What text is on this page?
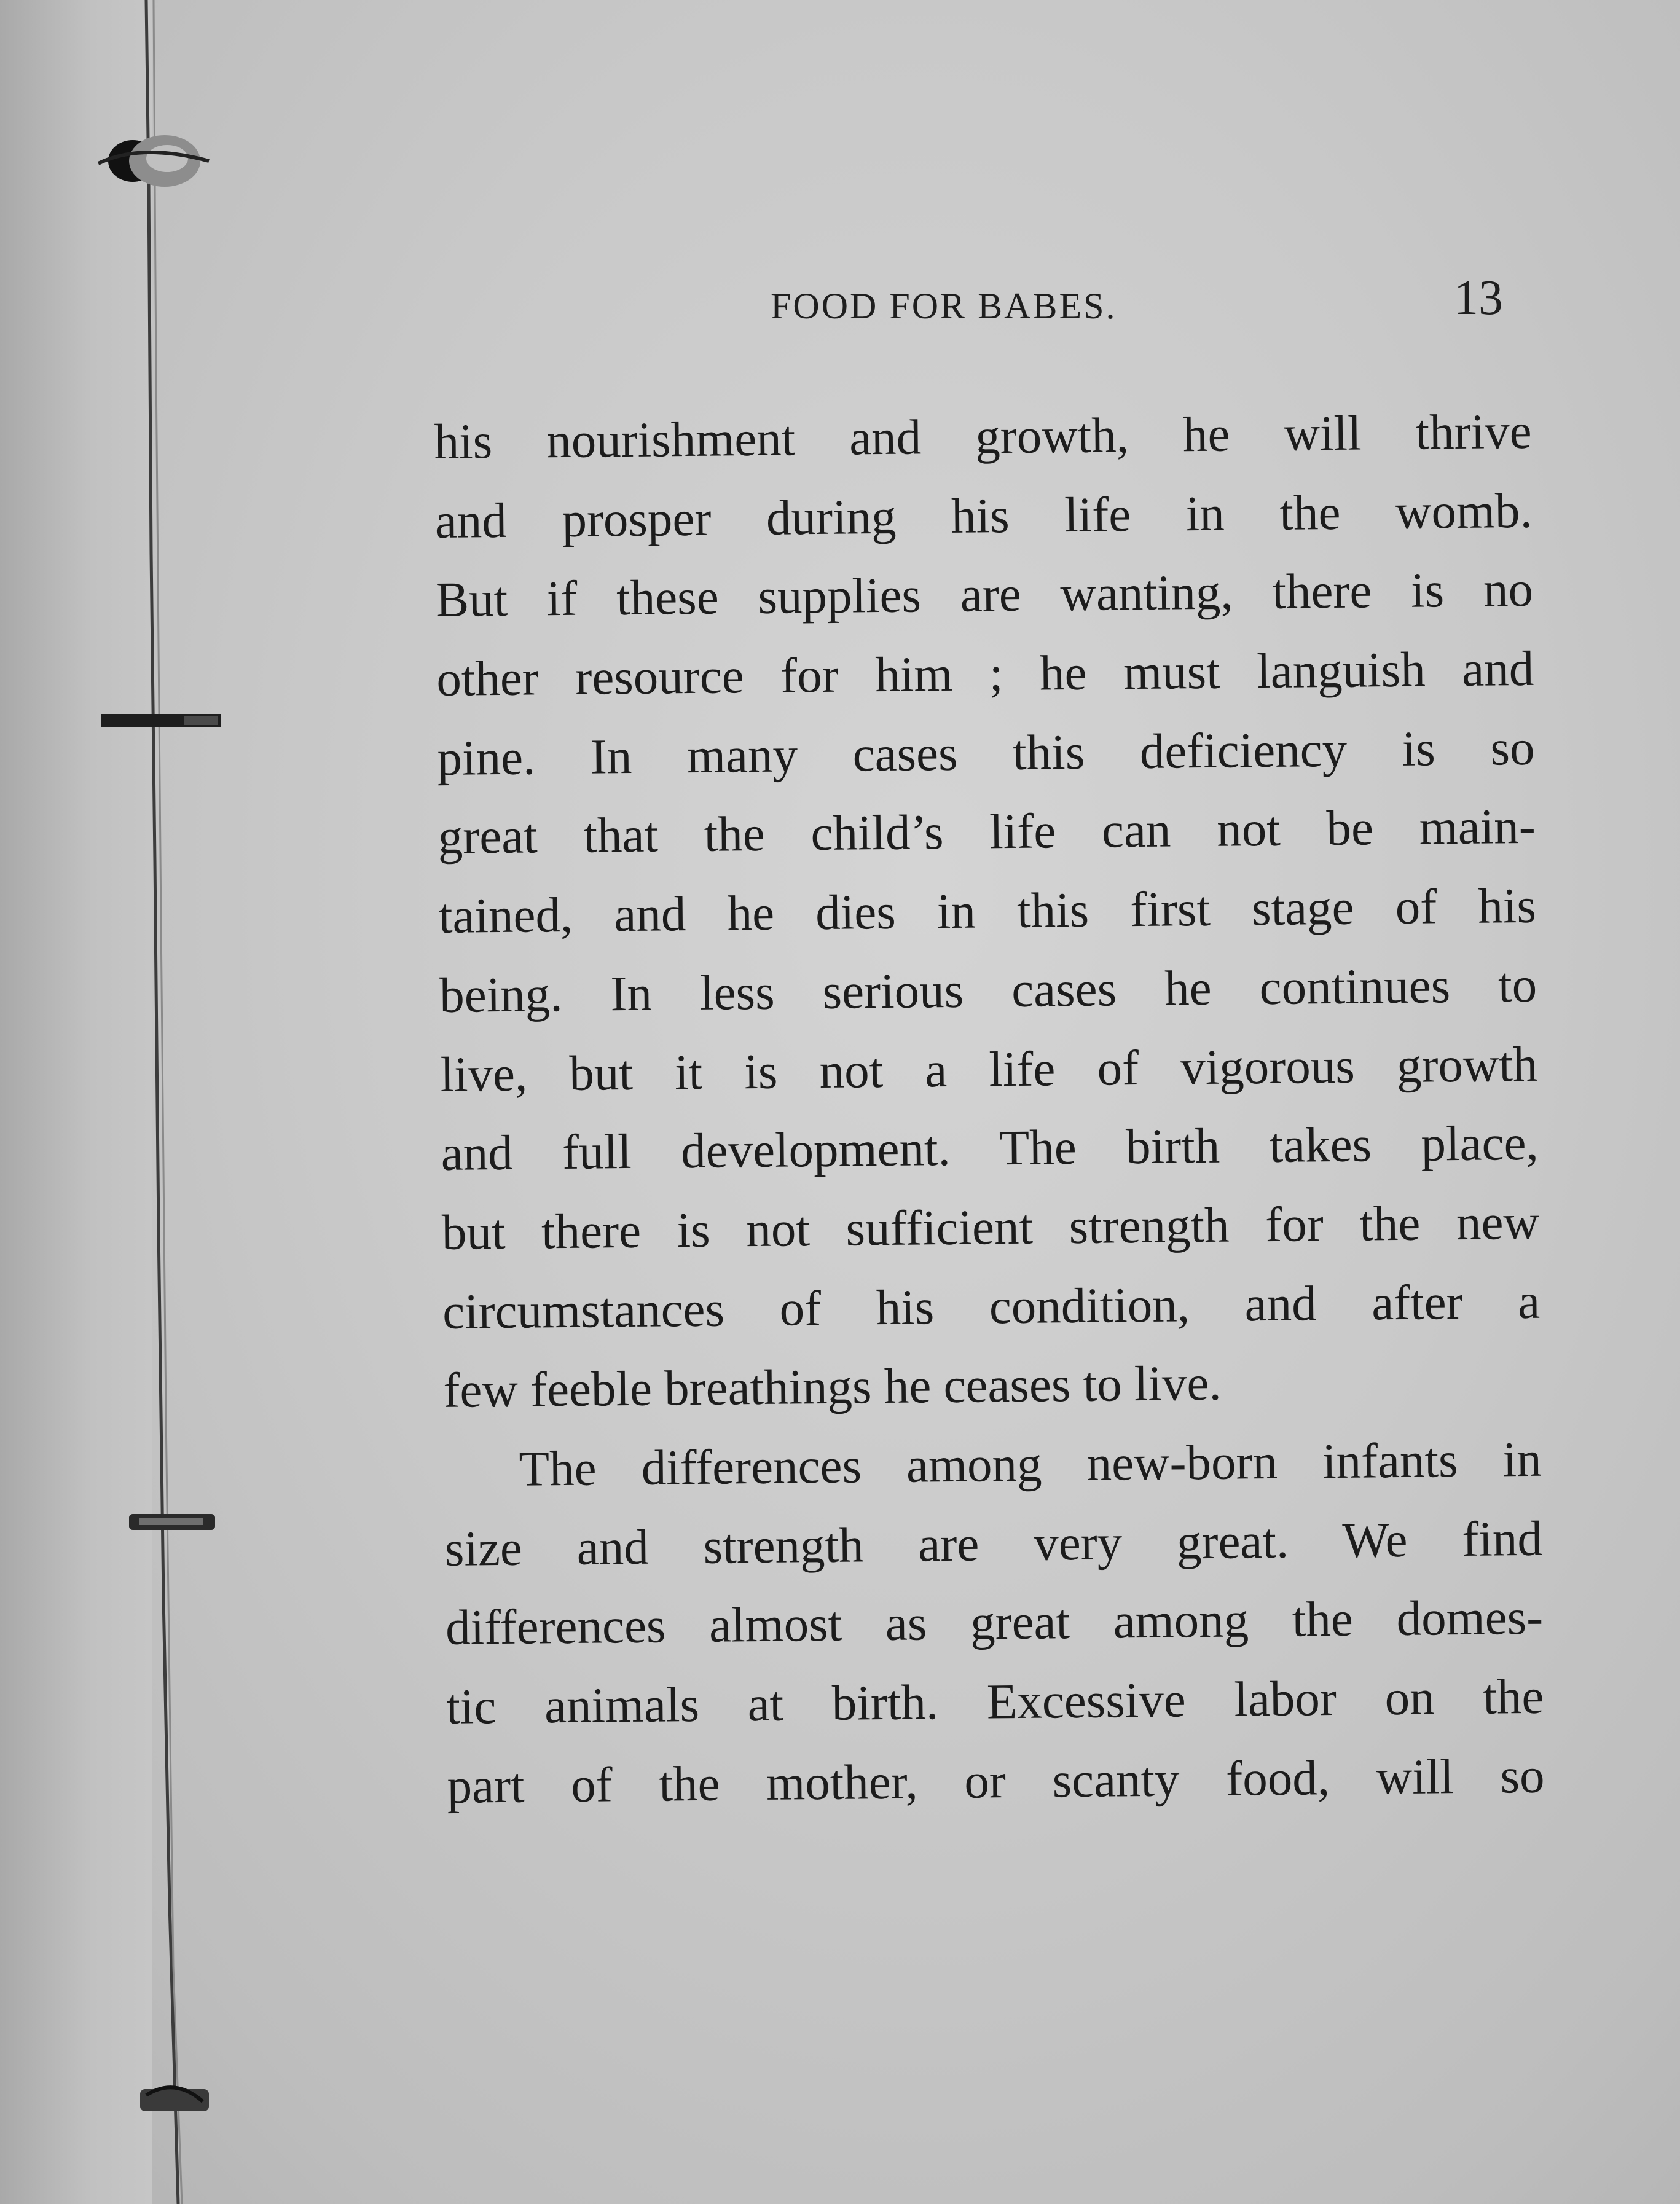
FOOD FOR BABES.	13
his nourishment and growth, he will thrive
and prosper during his life in the womb.
But if these supplies are wanting, there is no
other resource for him ; he must languish and
pine. In many cases this deficiency is so
great that the child’s life can not be main-
tained, and he dies in this first stage of his
being. In less serious cases he continues to
live, but it is not a life of vigorous growth
and full development. The birth takes place,
but there is not sufficient strength for the new
circumstances of his condition, and after a
few feeble breathings he ceases to live.
The differences among new-born infants in
size and strength are very great. We find
differences almost as great among the domes-
tic animals at birth. Excessive labor on the
part of the mother, or scanty food, will so
